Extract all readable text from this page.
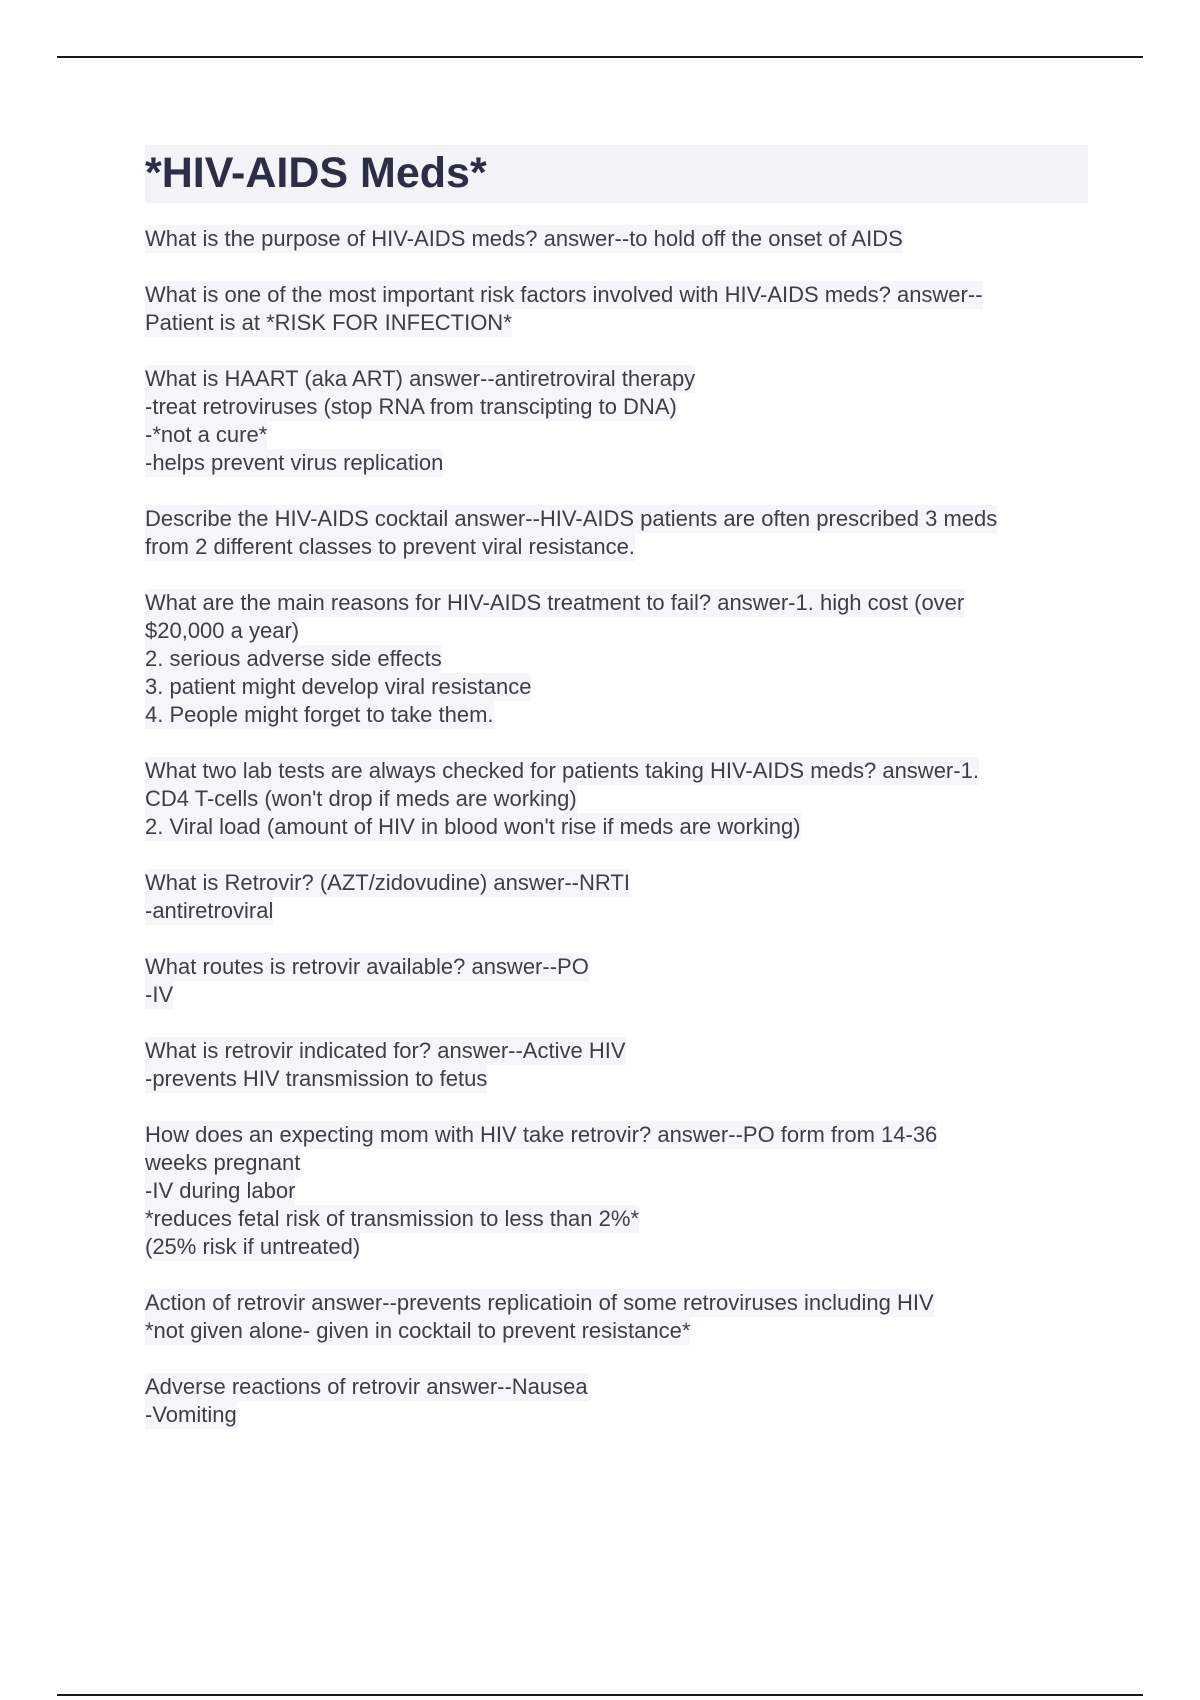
*HIV-AIDS Meds*
What is the purpose of HIV-AIDS meds? answer--to hold off the onset of AIDS
What is one of the most important risk factors involved with HIV-AIDS meds? answer--
Patient is at *RISK FOR INFECTION*
What is HAART (aka ART) answer--antiretroviral therapy
-treat retroviruses (stop RNA from transcipting to DNA)
-*not a cure*
-helps prevent virus replication
Describe the HIV-AIDS cocktail answer--HIV-AIDS patients are often prescribed 3 meds
from 2 different classes to prevent viral resistance.
What are the main reasons for HIV-AIDS treatment to fail? answer-1. high cost (over
$20,000 a year)
2. serious adverse side effects
3. patient might develop viral resistance
4. People might forget to take them.
What two lab tests are always checked for patients taking HIV-AIDS meds? answer-1.
CD4 T-cells (won't drop if meds are working)
2. Viral load (amount of HIV in blood won't rise if meds are working)
What is Retrovir? (AZT/zidovudine) answer--NRTI
-antiretroviral
What routes is retrovir available? answer--PO
-IV
What is retrovir indicated for? answer--Active HIV
-prevents HIV transmission to fetus
How does an expecting mom with HIV take retrovir? answer--PO form from 14-36
weeks pregnant
-IV during labor
*reduces fetal risk of transmission to less than 2%*
(25% risk if untreated)
Action of retrovir answer--prevents replicatioin of some retroviruses including HIV
*not given alone- given in cocktail to prevent resistance*
Adverse reactions of retrovir answer--Nausea
-Vomiting
